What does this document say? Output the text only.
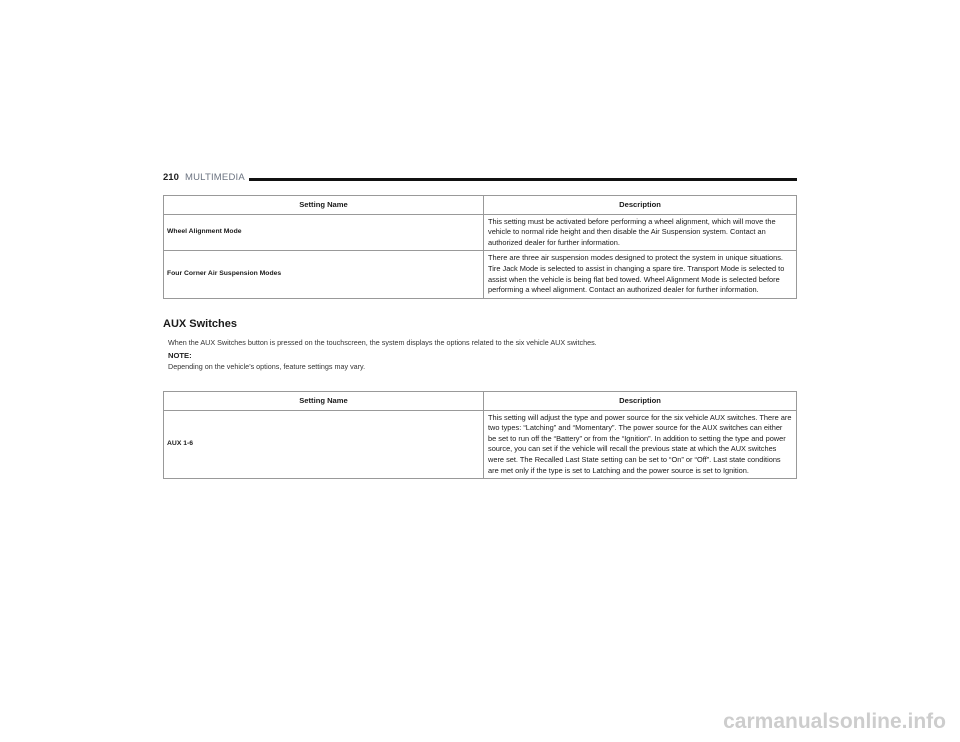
210 MULTIMEDIA
Setting Name	Description
Wheel Alignment Mode	This setting must be activated before performing a wheel alignment, which will move the vehicle to normal ride height and then disable the Air Suspension system. Contact an authorized dealer for further information.
Four Corner Air Suspension Modes	There are three air suspension modes designed to protect the system in unique situations. Tire Jack Mode is selected to assist in changing a spare tire. Transport Mode is selected to assist when the vehicle is being flat bed towed. Wheel Alignment Mode is selected before performing a wheel alignment. Contact an authorized dealer for further information.
AUX Switches
When the AUX Switches button is pressed on the touchscreen, the system displays the options related to the six vehicle AUX switches.
NOTE:
Depending on the vehicle’s options, feature settings may vary.
Setting Name	Description
AUX 1-6	This setting will adjust the type and power source for the six vehicle AUX switches. There are two types: “Latching” and “Momentary”. The power source for the AUX switches can either be set to run off the “Battery” or from the “Ignition”. In addition to setting the type and power source, you can set if the vehicle will recall the previous state at which the AUX switches were set. The Recalled Last State setting can be set to “On” or “Off”. Last state conditions are met only if the type is set to Latching and the power source is set to Ignition.
carmanualsonline.info
